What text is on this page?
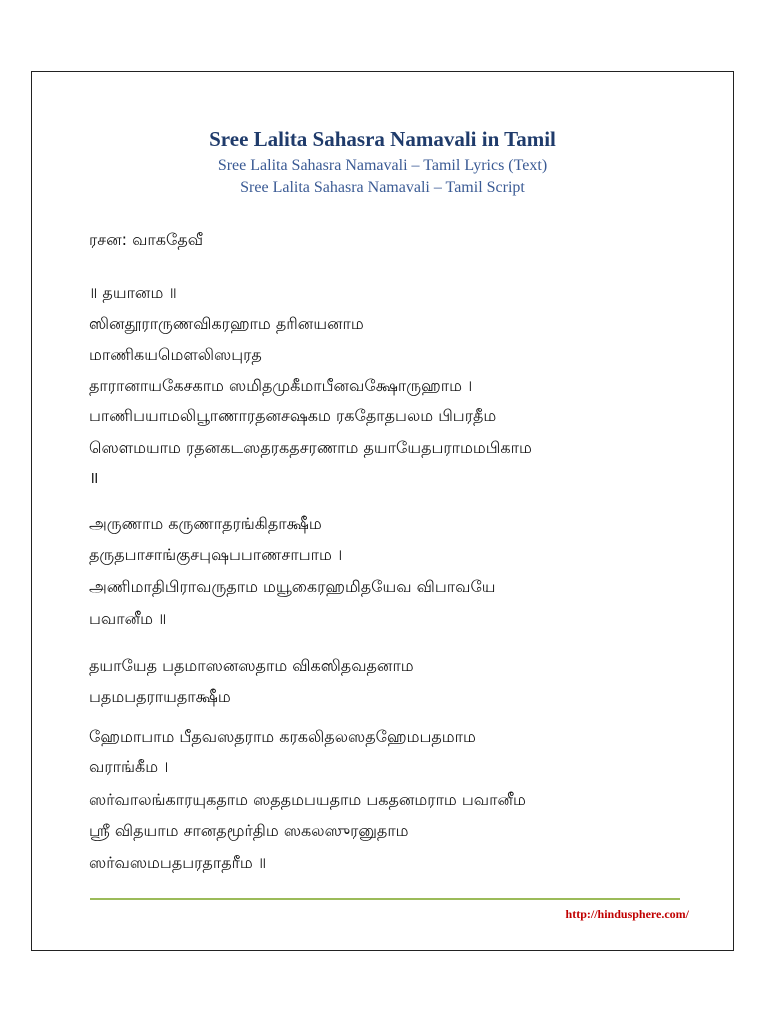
Sree Lalita Sahasra Namavali in Tamil

Sree Lalita Sahasra Namavali – Tamil Lyrics (Text)

Sree Lalita Sahasra Namavali – Tamil Script

ரசன: வாகதேவீ

॥ தயானம ॥

ஸினதூராருணவிகரஹாம தரினயனாம

மாணிகயமெளலிஸபுரத

தாரானாயகேசகாம ஸமிதமுகீமாபீனவக்ஷோருஹாம ।

பாணிபயாமலிபூாணாரதனசஷகம ரகதோதபலம பிபரதீம

ஸௌமயாம ரதனகடஸதரகதசரணாம தயாயேதபராமமபிகாம

॥

அருணாம கருணாதரங்கிதாக்ஷீம

தருதபாசாங்குசபுஷபபாணசாபாம ।

அணிமாதிபிராவருதாம மயூகைரஹமிதயேவ விபாவயே

பவானீம ॥

தயாயேத பதமாஸனஸதாம விகஸிதவதனாம

பதமபதராயதாக்ஷீம

ஹேமாபாம பீதவஸதராம கரகலிதலஸதஹேமபதமாம

வராங்கீம ।

ஸர்வாலங்காரயுகதாம ஸததமபயதாம பகதனமராம பவானீம

ஸ்ரீ விதயாம சானதமூர்திம ஸகலஸுரனுதாம

ஸர்வஸமபதபரதாதரீம ॥

http://hindusphere.com/
